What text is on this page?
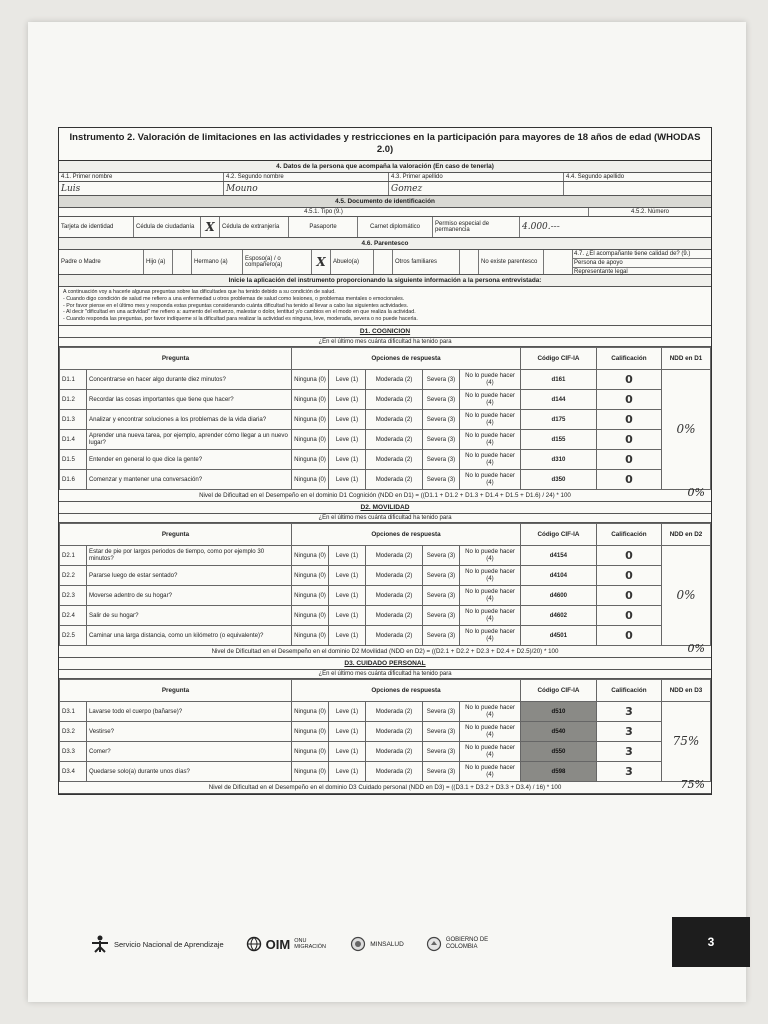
Instrumento 2. Valoración de limitaciones en las actividades y restricciones en la participación para mayores de 18 años de edad (WHODAS 2.0)
4. Datos de la persona que acompaña la valoración (En caso de tenerla)
4.1. Primer nombre	4.2. Segundo nombre	4.3. Primer apellido	4.4. Segundo apellido
Luis	Mouno	Gomez
4.5. Documento de identificación
4.5.1. Tipo (9.)	4.5.2. Número
Tarjeta de identidad	Cédula de ciudadanía X	Cédula de extranjería	Pasaporte	Carnet diplomático	Permiso especial de permanencia	4.000.---
4.6. Parentesco
Padre o Madre	Hijo (a)	Hermano (a)	Esposo(a) / o compañero(a)	X	Abuelo(a)	Otros familiares	No existe parentesco
4.7. ¿El acompañante tiene calidad de? (9.)
Persona de apoyo
Representante legal
Inicie la aplicación del instrumento proporcionando la siguiente información a la persona entrevistada:
A continuación voy a hacerle algunas preguntas sobre las dificultades que ha tenido debido a su condición de salud.
- Cuando digo condición de salud me refiero a una enfermedad u otros problemas de salud como lesiones, o problemas mentales o emocionales.
- Por favor piense en el último mes y responda estas preguntas considerando cuánta dificultad ha tenido al llevar a cabo las siguientes actividades.
- Al decir "dificultad en una actividad" me refiero a: aumento del esfuerzo, malestar o dolor, lentitud y/o cambios en el modo en que realiza la actividad.
- Cuando responda las preguntas, por favor indíqueme si la dificultad para realizar la actividad es ninguna, leve, moderada, severa o no puede hacerla.
D1. COGNICION
¿En el último mes cuánta dificultad ha tenido para
Pregunta		Opciones de respuesta					Código CIF-IA	Calificación	NDD en D1
D1.1	Concentrarse en hacer algo durante diez minutos?	Ninguna (0)	Leve (1)	Moderada (2)	Severa (3)	No lo puede hacer (4)	d161	0	0%
D1.2	Recordar las cosas importantes que tiene que hacer?	Ninguna (0)	Leve (1)	Moderada (2)	Severa (3)	No lo puede hacer (4)	d144	0	
D1.3	Analizar y encontrar soluciones a los problemas de la vida diaria?	Ninguna (0)	Leve (1)	Moderada (2)	Severa (3)	No lo puede hacer (4)	d175	0	
D1.4	Aprender una nueva tarea, por ejemplo, aprender cómo llegar a un nuevo lugar?	Ninguna (0)	Leve (1)	Moderada (2)	Severa (3)	No lo puede hacer (4)	d155	0	
D1.5	Entender en general lo que dice la gente?	Ninguna (0)	Leve (1)	Moderada (2)	Severa (3)	No lo puede hacer (4)	d310	0	
D1.6	Comenzar y mantener una conversación?	Ninguna (0)	Leve (1)	Moderada (2)	Severa (3)	No lo puede hacer (4)	d350	0	
Nivel de Dificultad en el Desempeño en el dominio D1 Cognición (NDD en D1) = ((D1.1 + D1.2 + D1.3 + D1.4 + D1.5 + D1.6) / 24) * 100	0%
D2. MOVILIDAD
¿En el último mes cuánta dificultad ha tenido para
Pregunta		Opciones de respuesta					Código CIF-IA	Calificación	NDD en D2
D2.1	Estar de pie por largos periodos de tiempo, como por ejemplo 30 minutos?	Ninguna (0)	Leve (1)	Moderada (2)	Severa (3)	No lo puede hacer (4)	d4154	0	0%
D2.2	Pararse luego de estar sentado?	Ninguna (0)	Leve (1)	Moderada (2)	Severa (3)	No lo puede hacer (4)	d4104	0	
D2.3	Moverse adentro de su hogar?	Ninguna (0)	Leve (1)	Moderada (2)	Severa (3)	No lo puede hacer (4)	d4600	0	
D2.4	Salir de su hogar?	Ninguna (0)	Leve (1)	Moderada (2)	Severa (3)	No lo puede hacer (4)	d4602	0	
D2.5	Caminar una larga distancia, como un kilómetro (o equivalente)?	Ninguna (0)	Leve (1)	Moderada (2)	Severa (3)	No lo puede hacer (4)	d4501	0	
Nivel de Dificultad en el Desempeño en el dominio D2 Movilidad (NDD en D2) = ((D2.1 + D2.2 + D2.3 + D2.4 + D2.5)/20) * 100	0%
D3. CUIDADO PERSONAL
¿En el último mes cuánta dificultad ha tenido para
Pregunta		Opciones de respuesta					Código CIF-IA	Calificación	NDD en D3
D3.1	Lavarse todo el cuerpo (bañarse)?	Ninguna (0)	Leve (1)	Moderada (2)	Severa (3)	No lo puede hacer (4)	d510	3	75%
D3.2	Vestirse?	Ninguna (0)	Leve (1)	Moderada (2)	Severa (3)	No lo puede hacer (4)	d540	3	
D3.3	Comer?	Ninguna (0)	Leve (1)	Moderada (2)	Severa (3)	No lo puede hacer (4)	d550	3	
D3.4	Quedarse solo(a) durante unos días?	Ninguna (0)	Leve (1)	Moderada (2)	Severa (3)	No lo puede hacer (4)	d598	3	
Nivel de Dificultad en el Desempeño en el dominio D3 Cuidado personal (NDD en D3) = ((D3.1 + D3.2 + D3.3 + D3.4) / 16) * 100	75%
Servicio Nacional de Aprendizaje	OIM ONU MIGRACIÓN	MINSALUD
GOBIERNO DE COLOMBIA	3
